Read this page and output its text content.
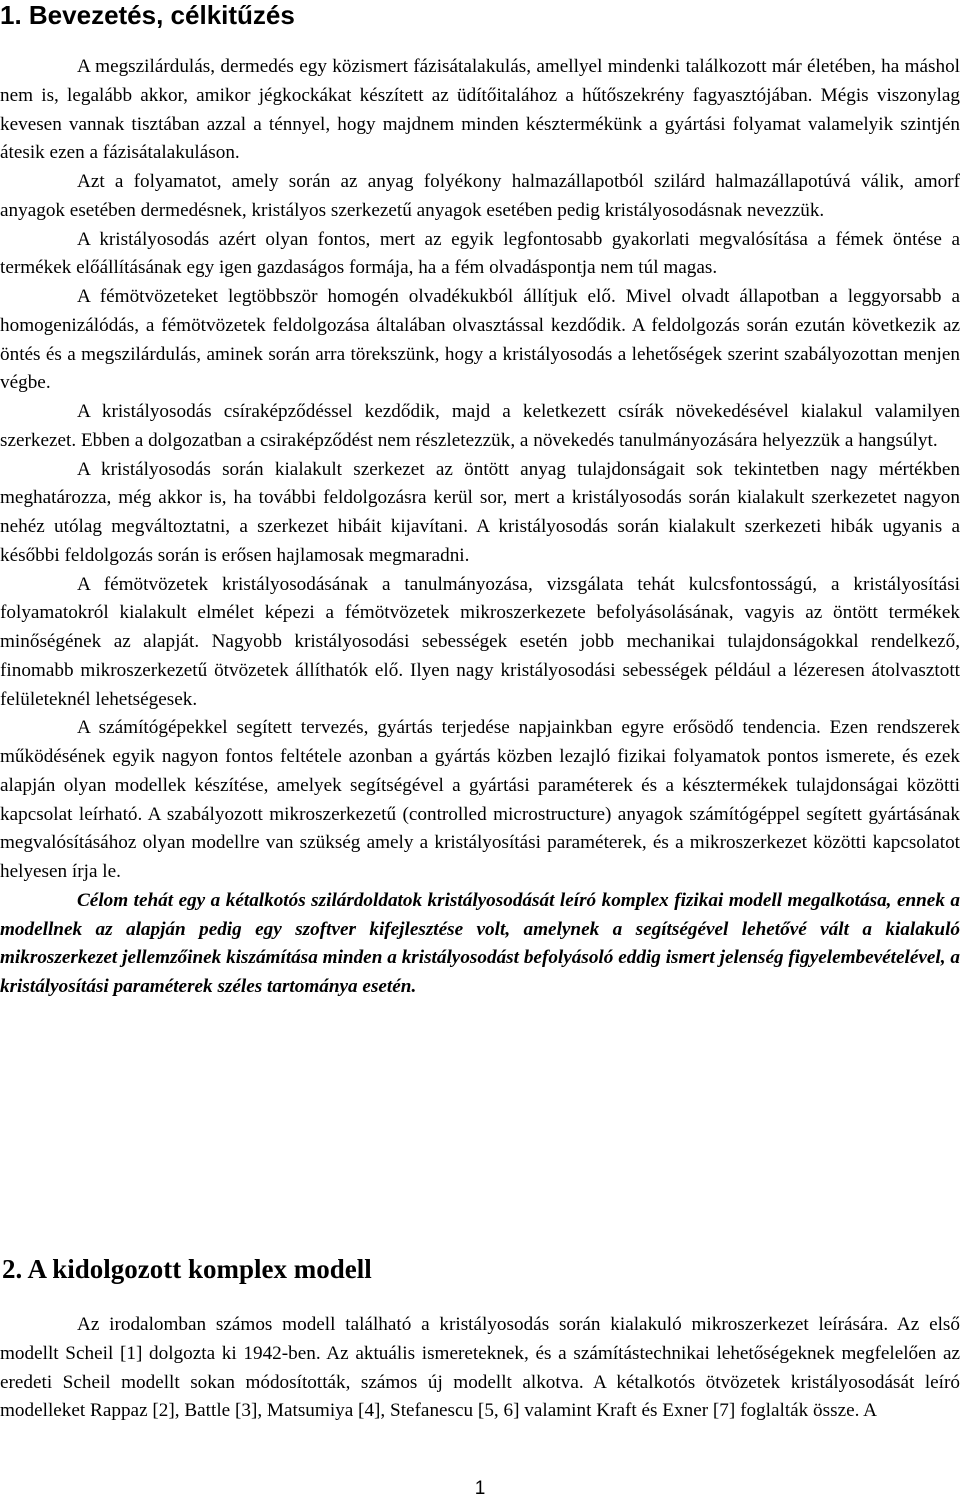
1. Bevezetés, célkitűzés

A megszilárdulás, dermedés egy közismert fázisátalakulás, amellyel mindenki találkozott már életében, ha máshol nem is, legalább akkor, amikor jégkockákat készített az üdítőitalához a hűtőszekrény fagyasztójában. Mégis viszonylag kevesen vannak tisztában azzal a ténnyel, hogy majdnem minden késztermékünk a gyártási folyamat valamelyik szintjén átesik ezen a fázisátalakuláson.

Azt a folyamatot, amely során az anyag folyékony halmazállapotból szilárd halmazállapotúvá válik, amorf anyagok esetében dermedésnek, kristályos szerkezetű anyagok esetében pedig kristályosodásnak nevezzük.

A kristályosodás azért olyan fontos, mert az egyik legfontosabb gyakorlati megvalósítása a fémek öntése a termékek előállításának egy igen gazdaságos formája, ha a fém olvadáspontja nem túl magas.

A fémötvözeteket legtöbbször homogén olvadékukból állítjuk elő. Mivel olvadt állapotban a leggyorsabb a homogenizálódás, a fémötvözetek feldolgozása általában olvasztással kezdődik. A feldolgozás során ezután következik az öntés és a megszilárdulás, aminek során arra törekszünk, hogy a kristályosodás a lehetőségek szerint szabályozottan menjen végbe.

A kristályosodás csíraképződéssel kezdődik, majd a keletkezett csírák növekedésével kialakul valamilyen szerkezet. Ebben a dolgozatban a csiraképződést nem részletezzük, a növekedés tanulmányozására helyezzük a hangsúlyt.

A kristályosodás során kialakult szerkezet az öntött anyag tulajdonságait sok tekintetben nagy mértékben meghatározza, még akkor is, ha további feldolgozásra kerül sor, mert a kristályosodás során kialakult szerkezetet nagyon nehéz utólag megváltoztatni, a szerkezet hibáit kijavítani. A kristályosodás során kialakult szerkezeti hibák ugyanis a későbbi feldolgozás során is erősen hajlamosak megmaradni.

A fémötvözetek kristályosodásának a tanulmányozása, vizsgálata tehát kulcsfontosságú, a kristályosítási folyamatokról kialakult elmélet képezi a fémötvözetek mikroszerkezete befolyásolásának, vagyis az öntött termékek minőségének az alapját. Nagyobb kristályosodási sebességek esetén jobb mechanikai tulajdonságokkal rendelkező, finomabb mikroszerkezetű ötvözetek állíthatók elő. Ilyen nagy kristályosodási sebességek például a lézeresen átolvasztott felületeknél lehetségesek.

A számítógépekkel segített tervezés, gyártás terjedése napjainkban egyre erősödő tendencia. Ezen rendszerek működésének egyik nagyon fontos feltétele azonban a gyártás közben lezajló fizikai folyamatok pontos ismerete, és ezek alapján olyan modellek készítése, amelyek segítségével a gyártási paraméterek és a késztermékek tulajdonságai közötti kapcsolat leírható. A szabályozott mikroszerkezetű (controlled microstructure) anyagok számítógéppel segített gyártásának megvalósításához olyan modellre van szükség amely a kristályosítási paraméterek, és a mikroszerkezet közötti kapcsolatot helyesen írja le.

Célom tehát egy a kétalkotós szilárdoldatok kristályosodását leíró komplex fizikai modell megalkotása, ennek a modellnek az alapján pedig egy szoftver kifejlesztése volt, amelynek a segítségével lehetővé vált a kialakuló mikroszerkezet jellemzőinek kiszámítása minden a kristályosodást befolyásoló eddig ismert jelenség figyelembevételével, a kristályosítási paraméterek széles tartománya esetén.

2. A kidolgozott komplex modell

Az irodalomban számos modell található a kristályosodás során kialakuló mikroszerkezet leírására. Az első modellt Scheil [1] dolgozta ki 1942-ben. Az aktuális ismereteknek, és a számítástechnikai lehetőségeknek megfelelően az eredeti Scheil modellt sokan módosították, számos új modellt alkotva. A kétalkotós ötvözetek kristályosodását leíró modelleket Rappaz [2], Battle [3], Matsumiya [4], Stefanescu [5, 6] valamint Kraft és Exner [7] foglalták össze. A

1
